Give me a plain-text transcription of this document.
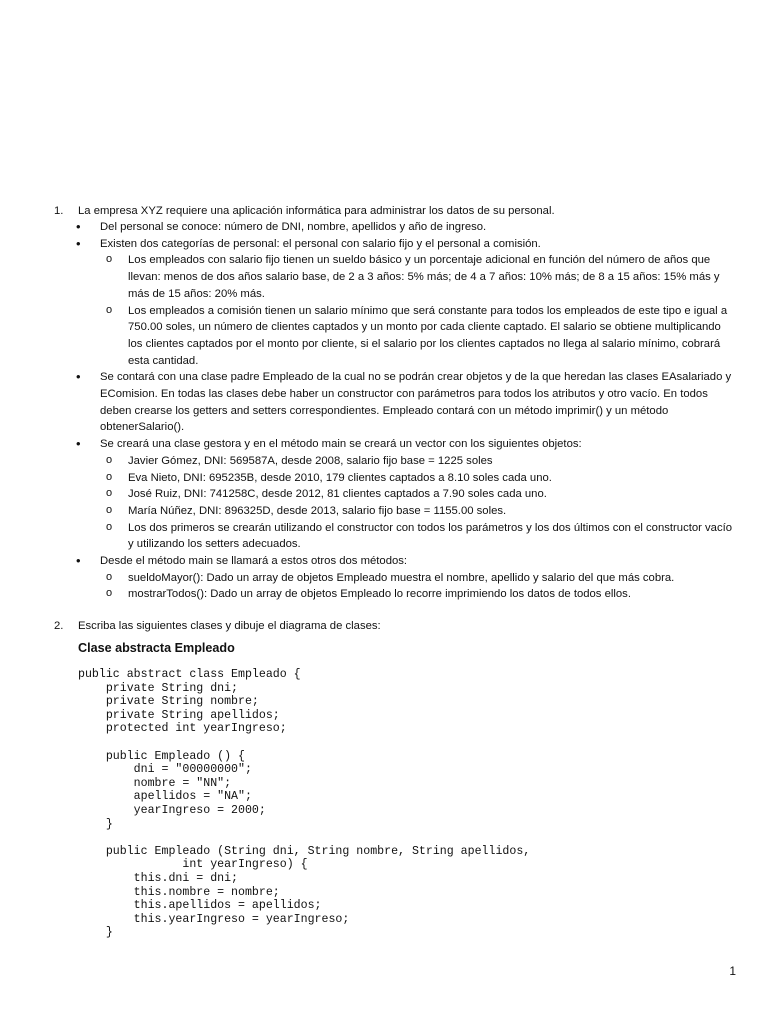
1. La empresa XYZ requiere una aplicación informática para administrar los datos de su personal.
• Del personal se conoce: número de DNI, nombre, apellidos y año de ingreso.
• Existen dos categorías de personal: el personal con salario fijo y el personal a comisión.
o Los empleados con salario fijo tienen un sueldo básico y un porcentaje adicional en función del número de años que llevan: menos de dos años salario base, de 2 a 3 años: 5% más; de 4 a 7 años: 10% más; de 8 a 15 años: 15% más y más de 15 años: 20% más.
o Los empleados a comisión tienen un salario mínimo que será constante para todos los empleados de este tipo e igual a 750.00 soles, un número de clientes captados y un monto por cada cliente captado. El salario se obtiene multiplicando los clientes captados por el monto por cliente, si el salario por los clientes captados no llega al salario mínimo, cobrará esta cantidad.
• Se contará con una clase padre Empleado de la cual no se podrán crear objetos y de la que heredan las clases EAsalariado y EComision. En todas las clases debe haber un constructor con parámetros para todos los atributos y otro vacío. En todos deben crearse los getters and setters correspondientes. Empleado contará con un método imprimir() y un método obtenerSalario().
• Se creará una clase gestora y en el método main se creará un vector con los siguientes objetos:
o Javier Gómez, DNI: 569587A, desde 2008, salario fijo base = 1225 soles
o Eva Nieto, DNI: 695235B, desde 2010, 179 clientes captados a 8.10 soles cada uno.
o José Ruiz, DNI: 741258C, desde 2012, 81 clientes captados a 7.90 soles cada uno.
o María Núñez, DNI: 896325D, desde 2013, salario fijo base = 1155.00 soles.
o Los dos primeros se crearán utilizando el constructor con todos los parámetros y los dos últimos con el constructor vacío y utilizando los setters adecuados.
• Desde el método main se llamará a estos otros dos métodos:
o sueldoMayor(): Dado un array de objetos Empleado muestra el nombre, apellido y salario del que más cobra.
o mostrarTodos(): Dado un array de objetos Empleado lo recorre imprimiendo los datos de todos ellos.
2. Escriba las siguientes clases y dibuje el diagrama de clases:
Clase abstracta Empleado
public abstract class Empleado {
private String dni;
private String nombre;
private String apellidos;
protected int yearIngreso;

public Empleado () {
dni = "00000000";
nombre = "NN";
apellidos = "NA";
yearIngreso = 2000;
}

public Empleado (String dni, String nombre, String apellidos,
int yearIngreso) {
this.dni = dni;
this.nombre = nombre;
this.apellidos = apellidos;
this.yearIngreso = yearIngreso;
}
1
